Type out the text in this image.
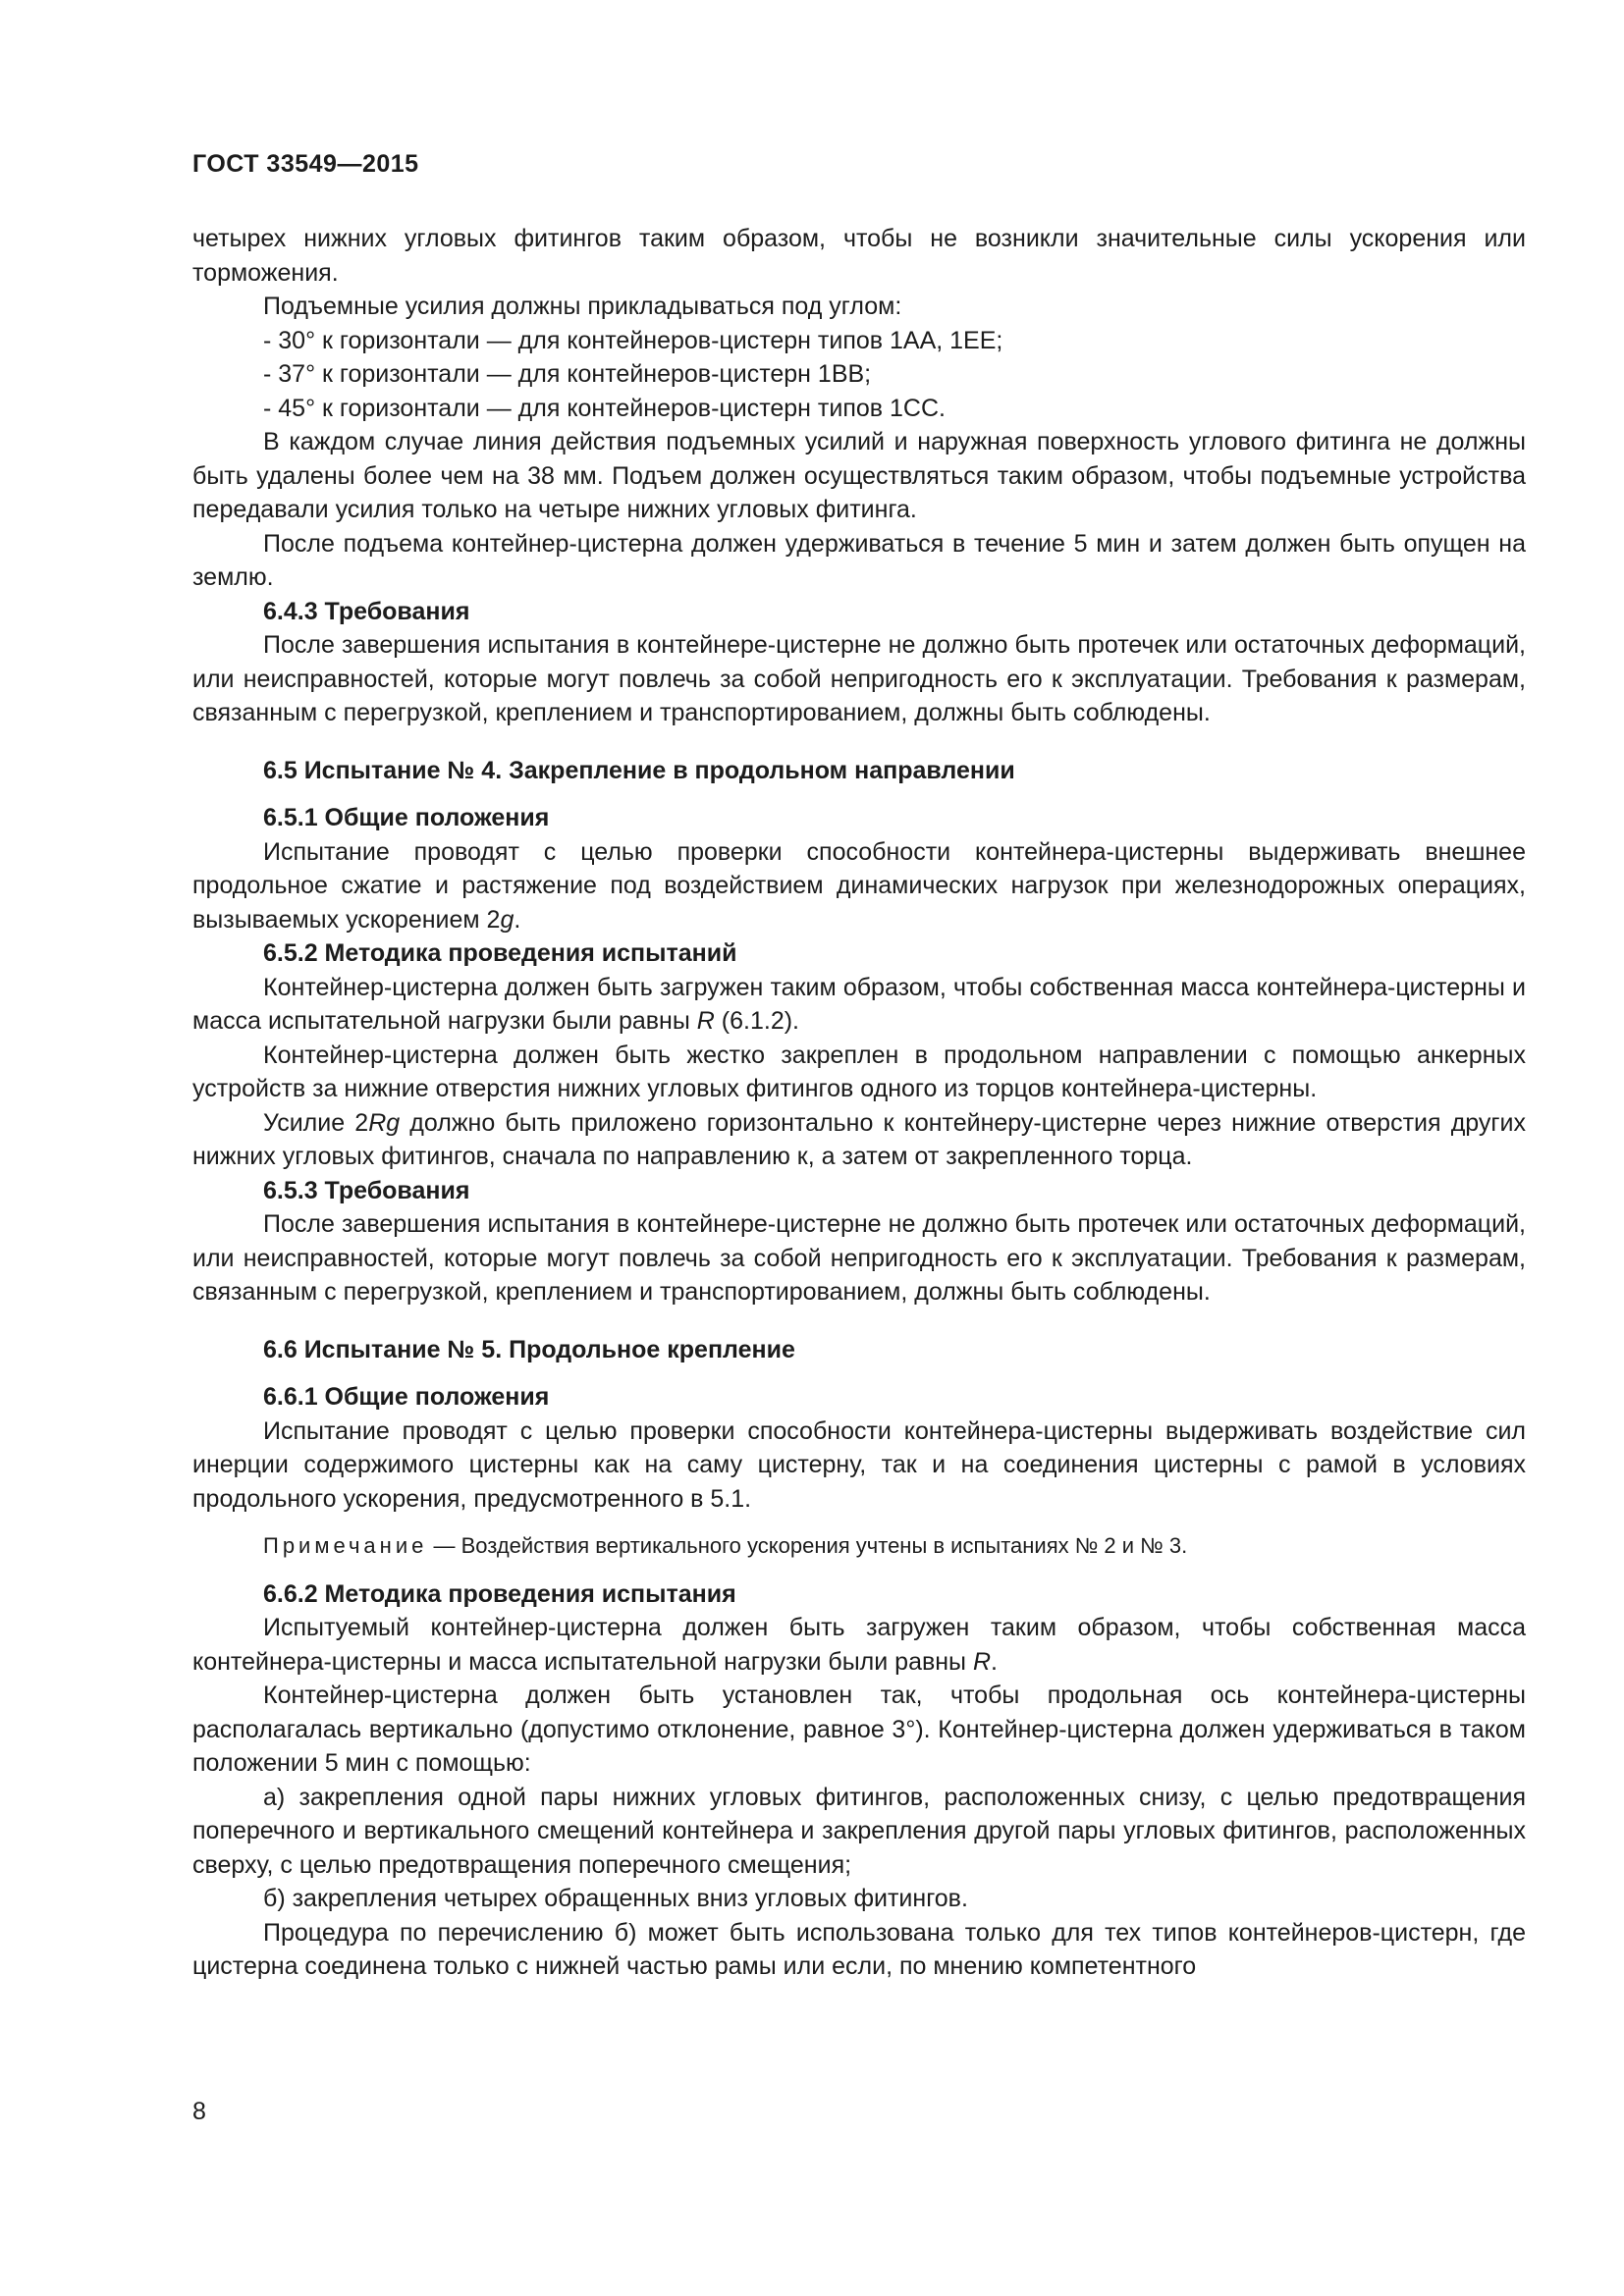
ГОСТ 33549—2015

четырех нижних угловых фитингов таким образом, чтобы не возникли значительные силы ускорения или торможения.

Подъемные усилия должны прикладываться под углом:

- 30° к горизонтали — для контейнеров-цистерн типов 1АА, 1ЕЕ;

- 37° к горизонтали — для контейнеров-цистерн 1ВВ;

- 45° к горизонтали — для контейнеров-цистерн типов 1СС.

В каждом случае линия действия подъемных усилий и наружная поверхность углового фитинга не должны быть удалены более чем на 38 мм. Подъем должен осуществляться таким образом, чтобы подъемные устройства передавали усилия только на четыре нижних угловых фитинга.

После подъема контейнер-цистерна должен удерживаться в течение 5 мин и затем должен быть опущен на землю.

6.4.3 Требования

После завершения испытания в контейнере-цистерне не должно быть протечек или остаточных деформаций, или неисправностей, которые могут повлечь за собой непригодность его к эксплуатации. Требования к размерам, связанным с перегрузкой, креплением и транспортированием, должны быть соблюдены.

6.5 Испытание № 4. Закрепление в продольном направлении

6.5.1 Общие положения

Испытание проводят с целью проверки способности контейнера-цистерны выдерживать внешнее продольное сжатие и растяжение под воздействием динамических нагрузок при железнодорожных операциях, вызываемых ускорением 2g.

6.5.2 Методика проведения испытаний

Контейнер-цистерна должен быть загружен таким образом, чтобы собственная масса контейнера-цистерны и масса испытательной нагрузки были равны R (6.1.2).

Контейнер-цистерна должен быть жестко закреплен в продольном направлении с помощью анкерных устройств за нижние отверстия нижних угловых фитингов одного из торцов контейнера-цистерны.

Усилие 2Rg должно быть приложено горизонтально к контейнеру-цистерне через нижние отверстия других нижних угловых фитингов, сначала по направлению к, а затем от закрепленного торца.

6.5.3 Требования

После завершения испытания в контейнере-цистерне не должно быть протечек или остаточных деформаций, или неисправностей, которые могут повлечь за собой непригодность его к эксплуатации. Требования к размерам, связанным с перегрузкой, креплением и транспортированием, должны быть соблюдены.

6.6 Испытание № 5. Продольное крепление

6.6.1 Общие положения

Испытание проводят с целью проверки способности контейнера-цистерны выдерживать воздействие сил инерции содержимого цистерны как на саму цистерну, так и на соединения цистерны с рамой в условиях продольного ускорения, предусмотренного в 5.1.

Примечание — Воздействия вертикального ускорения учтены в испытаниях № 2 и № 3.

6.6.2 Методика проведения испытания

Испытуемый контейнер-цистерна должен быть загружен таким образом, чтобы собственная масса контейнера-цистерны и масса испытательной нагрузки были равны R.

Контейнер-цистерна должен быть установлен так, чтобы продольная ось контейнера-цистерны располагалась вертикально (допустимо отклонение, равное 3°). Контейнер-цистерна должен удерживаться в таком положении 5 мин с помощью:

а) закрепления одной пары нижних угловых фитингов, расположенных снизу, с целью предотвращения поперечного и вертикального смещений контейнера и закрепления другой пары угловых фитингов, расположенных сверху, с целью предотвращения поперечного смещения;

б) закрепления четырех обращенных вниз угловых фитингов.

Процедура по перечислению б) может быть использована только для тех типов контейнеров-цистерн, где цистерна соединена только с нижней частью рамы или если, по мнению компетентного

8
